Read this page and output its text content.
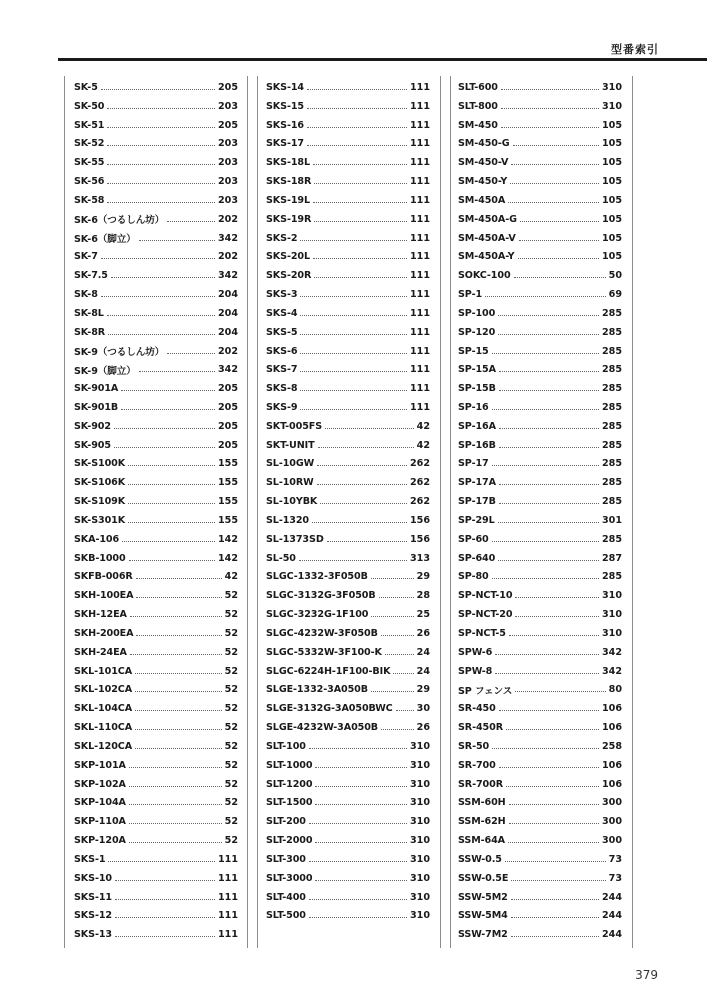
型番索引
SK-5	205
SK-50	203
SK-51	205
SK-52	203
SK-55	203
SK-56	203
SK-58	203
SK-6（つるしん坊）	202
SK-6（脚立）	342
SK-7	202
SK-7.5	342
SK-8	204
SK-8L	204
SK-8R	204
SK-9（つるしん坊）	202
SK-9（脚立）	342
SK-901A	205
SK-901B	205
SK-902	205
SK-905	205
SK-S100K	155
SK-S106K	155
SK-S109K	155
SK-S301K	155
SKA-106	142
SKB-1000	142
SKFB-006R	42
SKH-100EA	52
SKH-12EA	52
SKH-200EA	52
SKH-24EA	52
SKL-101CA	52
SKL-102CA	52
SKL-104CA	52
SKL-110CA	52
SKL-120CA	52
SKP-101A	52
SKP-102A	52
SKP-104A	52
SKP-110A	52
SKP-120A	52
SKS-1	111
SKS-10	111
SKS-11	111
SKS-12	111
SKS-13	111
SKS-14	111
SKS-15	111
SKS-16	111
SKS-17	111
SKS-18L	111
SKS-18R	111
SKS-19L	111
SKS-19R	111
SKS-2	111
SKS-20L	111
SKS-20R	111
SKS-3	111
SKS-4	111
SKS-5	111
SKS-6	111
SKS-7	111
SKS-8	111
SKS-9	111
SKT-005FS	42
SKT-UNIT	42
SL-10GW	262
SL-10RW	262
SL-10YBK	262
SL-1320	156
SL-1373SD	156
SL-50	313
SLGC-1332-3F050B	29
SLGC-3132G-3F050B	28
SLGC-3232G-1F100	25
SLGC-4232W-3F050B	26
SLGC-5332W-3F100-K	24
SLGC-6224H-1F100-BIK	24
SLGE-1332-3A050B	29
SLGE-3132G-3A050BWC	30
SLGE-4232W-3A050B	26
SLT-100	310
SLT-1000	310
SLT-1200	310
SLT-1500	310
SLT-200	310
SLT-2000	310
SLT-300	310
SLT-3000	310
SLT-400	310
SLT-500	310
SLT-600	310
SLT-800	310
SM-450	105
SM-450-G	105
SM-450-V	105
SM-450-Y	105
SM-450A	105
SM-450A-G	105
SM-450A-V	105
SM-450A-Y	105
SOKC-100	50
SP-1	69
SP-100	285
SP-120	285
SP-15	285
SP-15A	285
SP-15B	285
SP-16	285
SP-16A	285
SP-16B	285
SP-17	285
SP-17A	285
SP-17B	285
SP-29L	301
SP-60	285
SP-640	287
SP-80	285
SP-NCT-10	310
SP-NCT-20	310
SP-NCT-5	310
SPW-6	342
SPW-8	342
SP フェンス	80
SR-450	106
SR-450R	106
SR-50	258
SR-700	106
SR-700R	106
SSM-60H	300
SSM-62H	300
SSM-64A	300
SSW-0.5	73
SSW-0.5E	73
SSW-5M2	244
SSW-5M4	244
SSW-7M2	244
379
